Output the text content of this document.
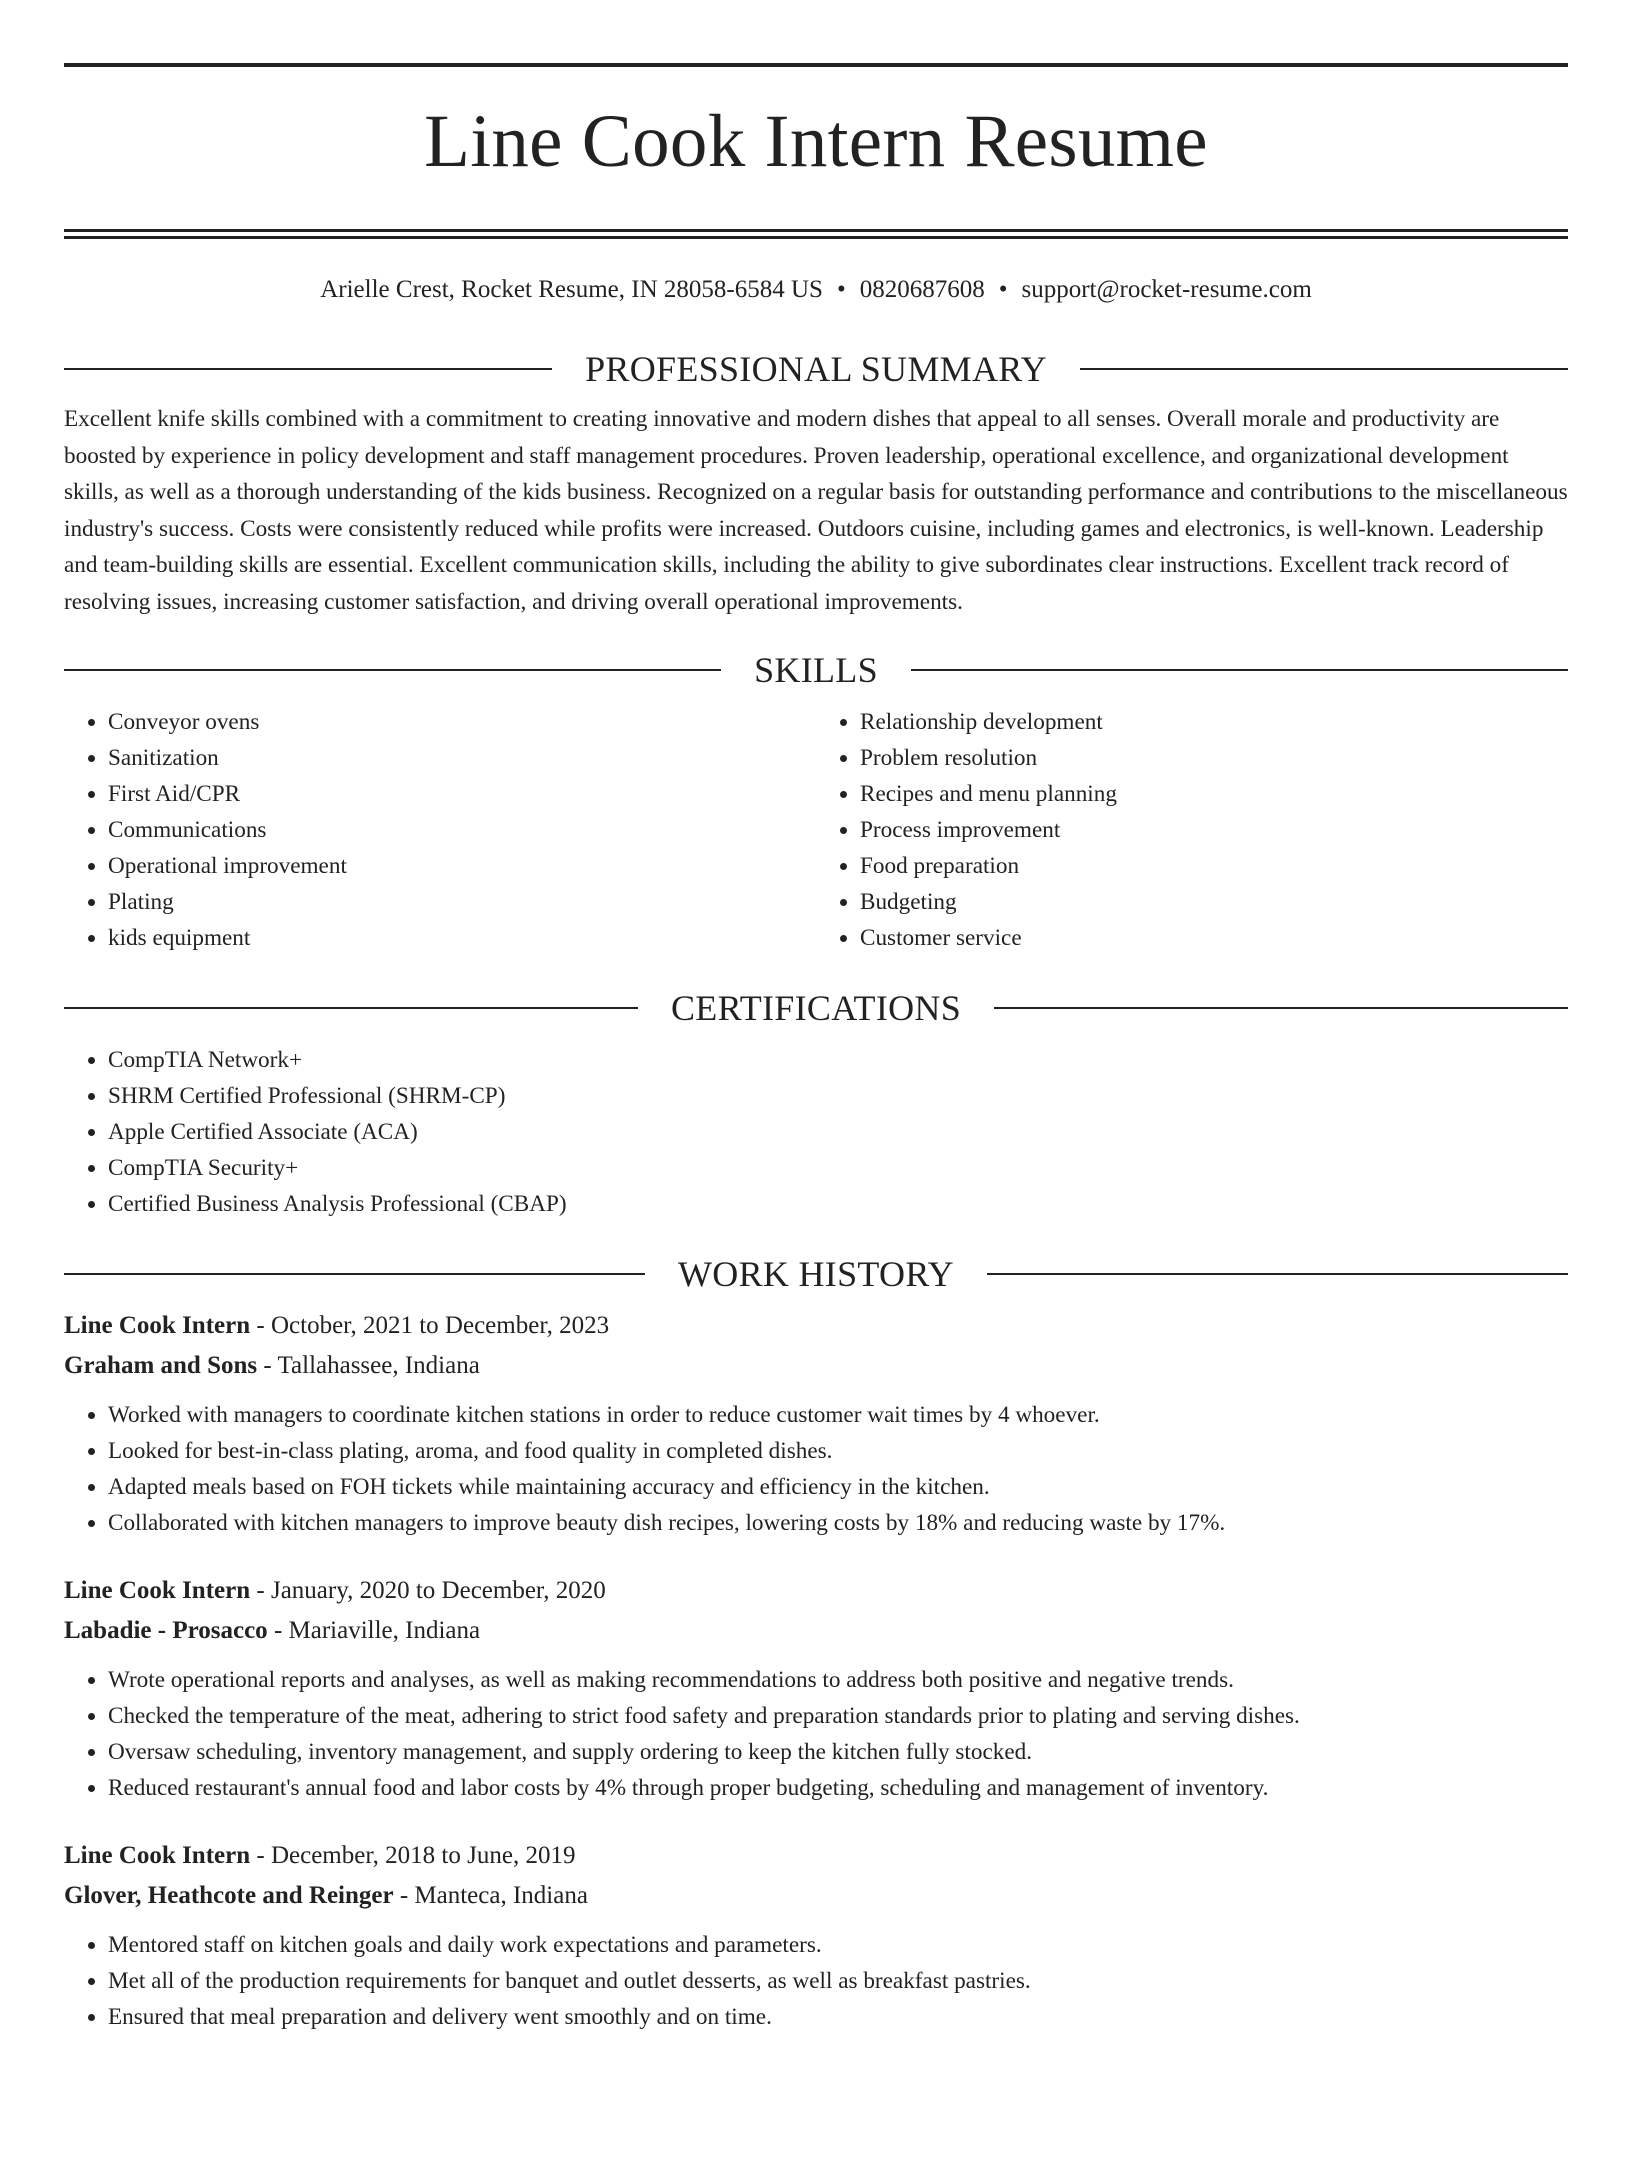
Line Cook Intern Resume
Arielle Crest, Rocket Resume, IN 28058-6584 US • 0820687608 • support@rocket-resume.com
PROFESSIONAL SUMMARY

Excellent knife skills combined with a commitment to creating innovative and modern dishes that appeal to all senses. Overall morale and productivity are boosted by experience in policy development and staff management procedures. Proven leadership, operational excellence, and organizational development skills, as well as a thorough understanding of the kids business. Recognized on a regular basis for outstanding performance and contributions to the miscellaneous industry's success. Costs were consistently reduced while profits were increased. Outdoors cuisine, including games and electronics, is well-known. Leadership and team-building skills are essential. Excellent communication skills, including the ability to give subordinates clear instructions. Excellent track record of resolving issues, increasing customer satisfaction, and driving overall operational improvements.

SKILLS
• Conveyor ovens
• Sanitization
• First Aid/CPR
• Communications
• Operational improvement
• Plating
• kids equipment
• Relationship development
• Problem resolution
• Recipes and menu planning
• Process improvement
• Food preparation
• Budgeting
• Customer service
CERTIFICATIONS
• CompTIA Network+
• SHRM Certified Professional (SHRM-CP)
• Apple Certified Associate (ACA)
• CompTIA Security+
• Certified Business Analysis Professional (CBAP)
WORK HISTORY
Line Cook Intern - October, 2021 to December, 2023
Graham and Sons - Tallahassee, Indiana
• Worked with managers to coordinate kitchen stations in order to reduce customer wait times by 4 whoever.
• Looked for best-in-class plating, aroma, and food quality in completed dishes.
• Adapted meals based on FOH tickets while maintaining accuracy and efficiency in the kitchen.
• Collaborated with kitchen managers to improve beauty dish recipes, lowering costs by 18% and reducing waste by 17%.
Line Cook Intern - January, 2020 to December, 2020
Labadie - Prosacco - Mariaville, Indiana
• Wrote operational reports and analyses, as well as making recommendations to address both positive and negative trends.
• Checked the temperature of the meat, adhering to strict food safety and preparation standards prior to plating and serving dishes.
• Oversaw scheduling, inventory management, and supply ordering to keep the kitchen fully stocked.
• Reduced restaurant's annual food and labor costs by 4% through proper budgeting, scheduling and management of inventory.
Line Cook Intern - December, 2018 to June, 2019
Glover, Heathcote and Reinger - Manteca, Indiana
• Mentored staff on kitchen goals and daily work expectations and parameters.
• Met all of the production requirements for banquet and outlet desserts, as well as breakfast pastries.
• Ensured that meal preparation and delivery went smoothly and on time.
